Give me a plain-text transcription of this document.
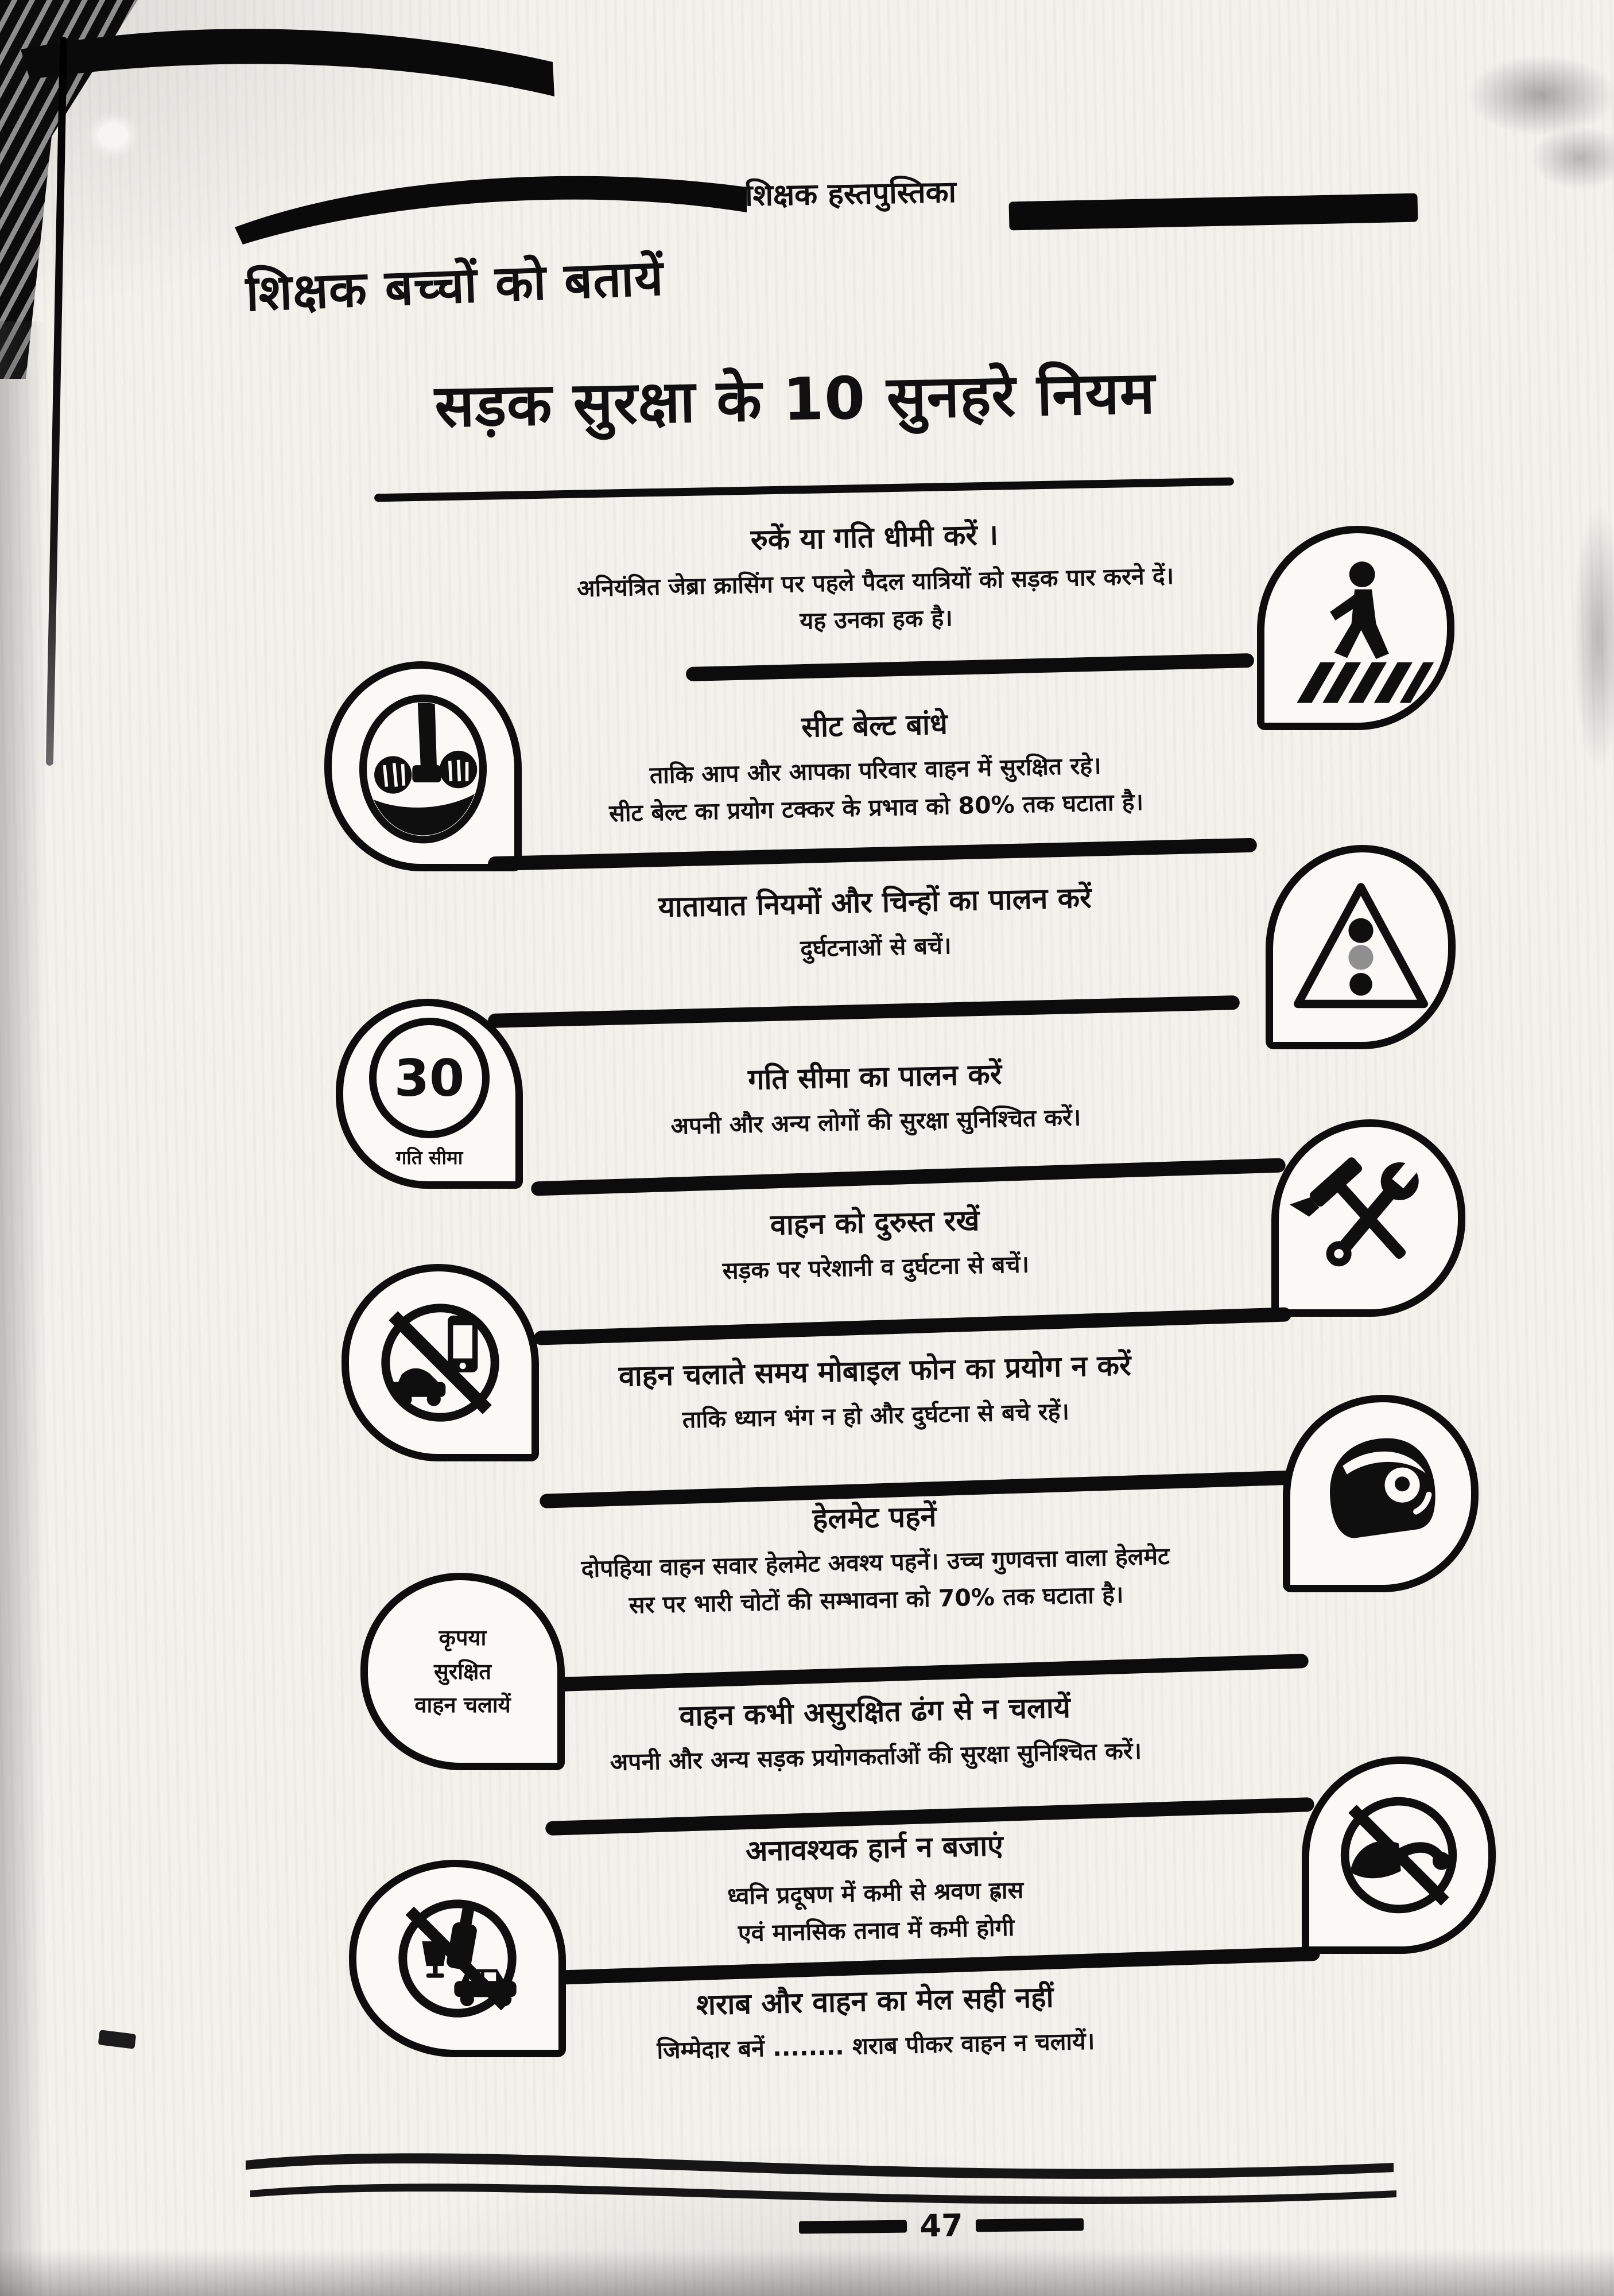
शिक्षक हस्तपुस्तिका
शिक्षक बच्चों को बतायें
सड़क सुरक्षा के 10 सुनहरे नियम
रुकें या गति धीमी करें ।
अनियंत्रित जेब्रा क्रासिंग पर पहले पैदल यात्रियों को सड़क पार करने दें।
यह उनका हक है।
सीट बेल्ट बांधे
ताकि आप और आपका परिवार वाहन में सुरक्षित रहे।
सीट बेल्ट का प्रयोग टक्कर के प्रभाव को 80% तक घटाता है।
यातायात नियमों और चिन्हों का पालन करें
दुर्घटनाओं से बचें।
गति सीमा का पालन करें
अपनी और अन्य लोगों की सुरक्षा सुनिश्चित करें।
30
गति सीमा
वाहन को दुरुस्त रखें
सड़क पर परेशानी व दुर्घटना से बचें।
वाहन चलाते समय मोबाइल फोन का प्रयोग न करें
ताकि ध्यान भंग न हो और दुर्घटना से बचे रहें।
हेलमेट पहनें
दोपहिया वाहन सवार हेलमेट अवश्य पहनें। उच्च गुणवत्ता वाला हेलमेट
सर पर भारी चोटों की सम्भावना को 70% तक घटाता है।
वाहन कभी असुरक्षित ढंग से न चलायें
अपनी और अन्य सड़क प्रयोगकर्ताओं की सुरक्षा सुनिश्चित करें।
कृपया
सुरक्षित
वाहन चलायें
अनावश्यक हार्न न बजाएं
ध्वनि प्रदूषण में कमी से श्रवण ह्रास
एवं मानसिक तनाव में कमी होगी
शराब और वाहन का मेल सही नहीं
जिम्मेदार बनें ........ शराब पीकर वाहन न चलायें।
47
